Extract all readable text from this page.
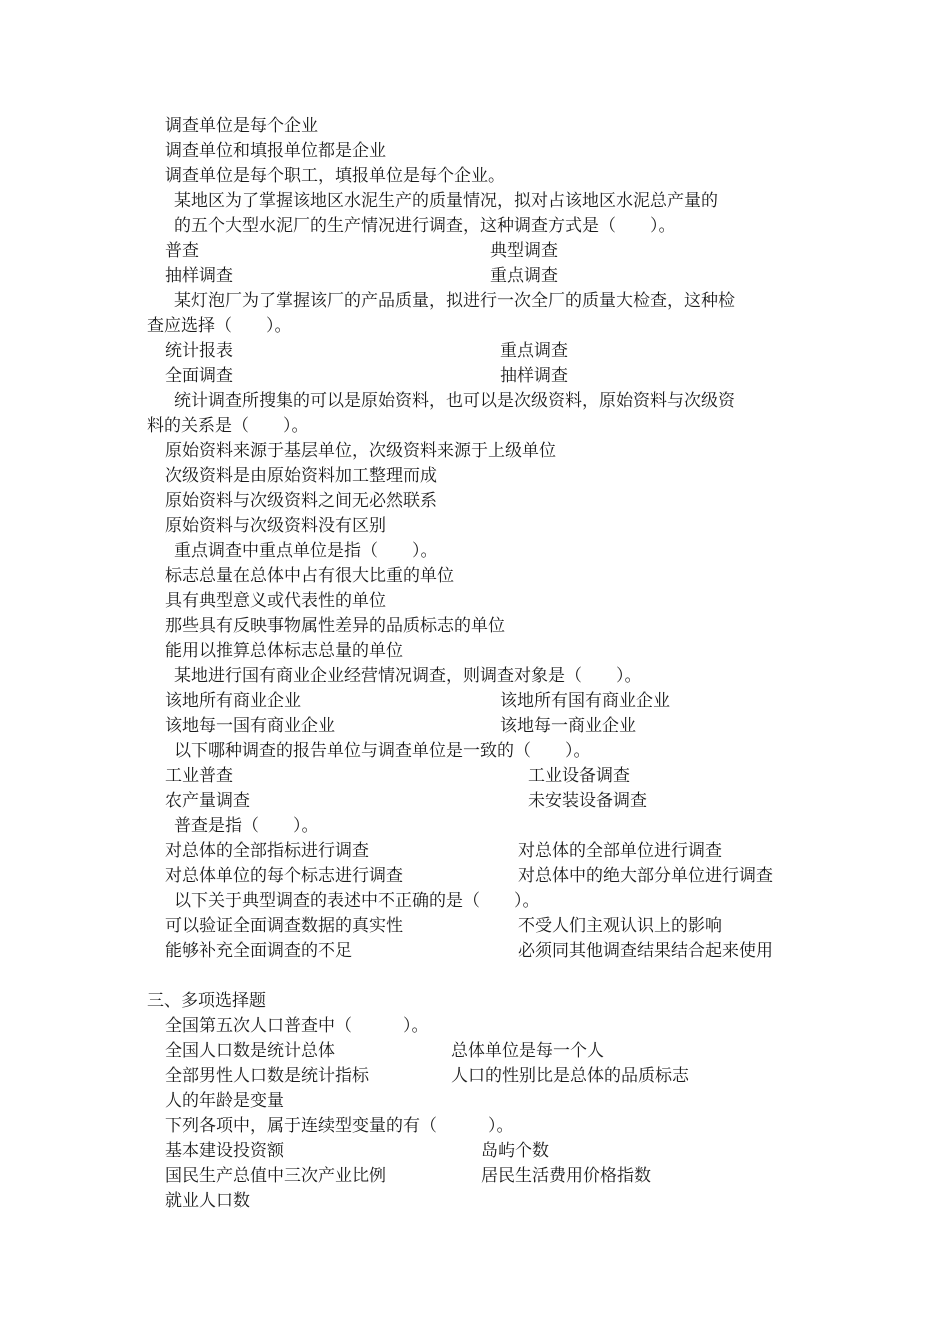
调查单位是每个企业
调查单位和填报单位都是企业
调查单位是每个职工，填报单位是每个企业。
某地区为了掌握该地区水泥生产的质量情况，拟对占该地区水泥总产量的
的五个大型水泥厂的生产情况进行调查，这种调查方式是（　　）。
普查	典型调查
抽样调查	重点调查
某灯泡厂为了掌握该厂的产品质量，拟进行一次全厂的质量大检查，这种检
查应选择（　　）。
统计报表	重点调查
全面调查	抽样调查
统计调查所搜集的可以是原始资料，也可以是次级资料，原始资料与次级资
料的关系是（　　）。
原始资料来源于基层单位，次级资料来源于上级单位
次级资料是由原始资料加工整理而成
原始资料与次级资料之间无必然联系
原始资料与次级资料没有区别
重点调查中重点单位是指（　　）。
标志总量在总体中占有很大比重的单位
具有典型意义或代表性的单位
那些具有反映事物属性差异的品质标志的单位
能用以推算总体标志总量的单位
某地进行国有商业企业经营情况调查，则调查对象是（　　）。
该地所有商业企业	该地所有国有商业企业
该地每一国有商业企业	该地每一商业企业
以下哪种调查的报告单位与调查单位是一致的（　　）。
工业普查	工业设备调查
农产量调查	未安装设备调查
普查是指（　　）。
对总体的全部指标进行调查	对总体的全部单位进行调查
对总体单位的每个标志进行调查	对总体中的绝大部分单位进行调查
以下关于典型调查的表述中不正确的是（　　）。
可以验证全面调查数据的真实性	不受人们主观认识上的影响
能够补充全面调查的不足	必须同其他调查结果结合起来使用
三、多项选择题
全国第五次人口普查中（　　　）。
全国人口数是统计总体	总体单位是每一个人
全部男性人口数是统计指标	人口的性别比是总体的品质标志
人的年龄是变量
下列各项中，属于连续型变量的有（　　　）。
基本建设投资额	岛屿个数
国民生产总值中三次产业比例	居民生活费用价格指数
就业人口数
